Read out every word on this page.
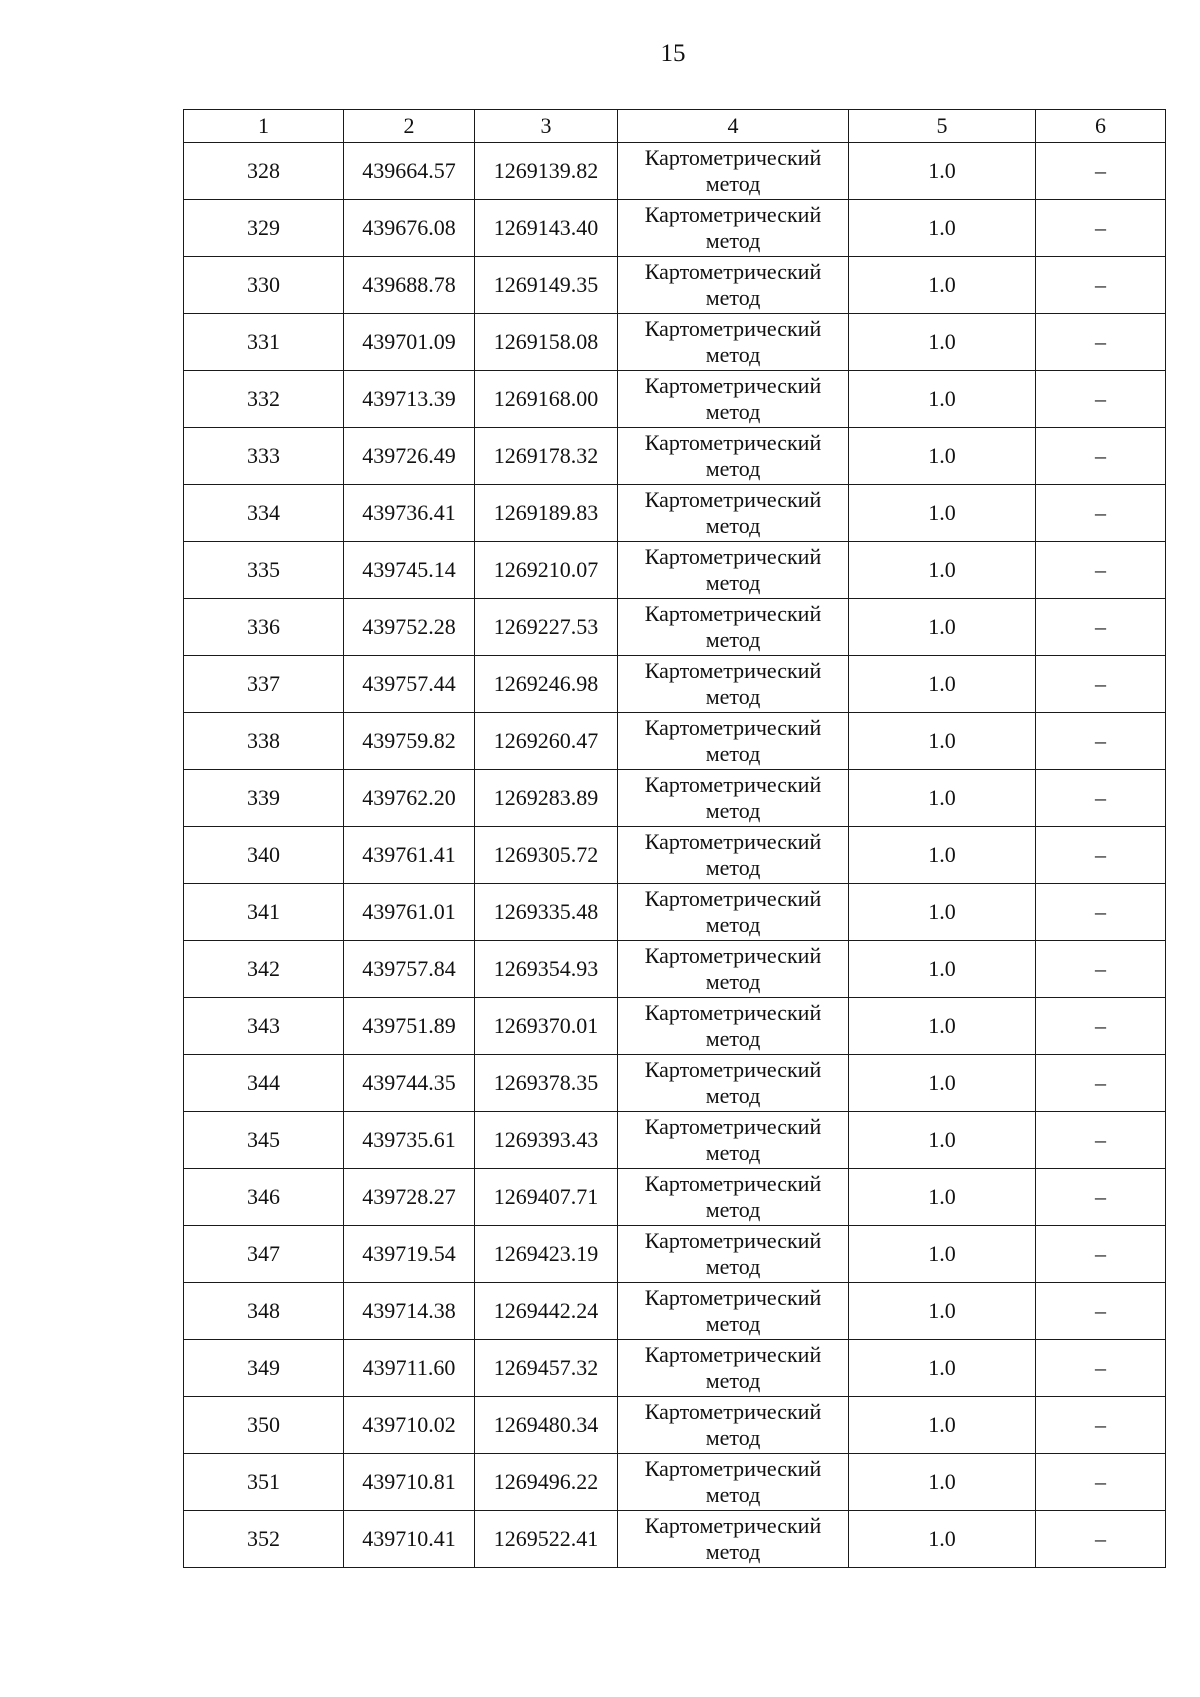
15
1	2	3	4	5	6
328	439664.57	1269139.82	Картометрический метод	1.0	–
329	439676.08	1269143.40	Картометрический метод	1.0	–
330	439688.78	1269149.35	Картометрический метод	1.0	–
331	439701.09	1269158.08	Картометрический метод	1.0	–
332	439713.39	1269168.00	Картометрический метод	1.0	–
333	439726.49	1269178.32	Картометрический метод	1.0	–
334	439736.41	1269189.83	Картометрический метод	1.0	–
335	439745.14	1269210.07	Картометрический метод	1.0	–
336	439752.28	1269227.53	Картометрический метод	1.0	–
337	439757.44	1269246.98	Картометрический метод	1.0	–
338	439759.82	1269260.47	Картометрический метод	1.0	–
339	439762.20	1269283.89	Картометрический метод	1.0	–
340	439761.41	1269305.72	Картометрический метод	1.0	–
341	439761.01	1269335.48	Картометрический метод	1.0	–
342	439757.84	1269354.93	Картометрический метод	1.0	–
343	439751.89	1269370.01	Картометрический метод	1.0	–
344	439744.35	1269378.35	Картометрический метод	1.0	–
345	439735.61	1269393.43	Картометрический метод	1.0	–
346	439728.27	1269407.71	Картометрический метод	1.0	–
347	439719.54	1269423.19	Картометрический метод	1.0	–
348	439714.38	1269442.24	Картометрический метод	1.0	–
349	439711.60	1269457.32	Картометрический метод	1.0	–
350	439710.02	1269480.34	Картометрический метод	1.0	–
351	439710.81	1269496.22	Картометрический метод	1.0	–
352	439710.41	1269522.41	Картометрический метод	1.0	–
